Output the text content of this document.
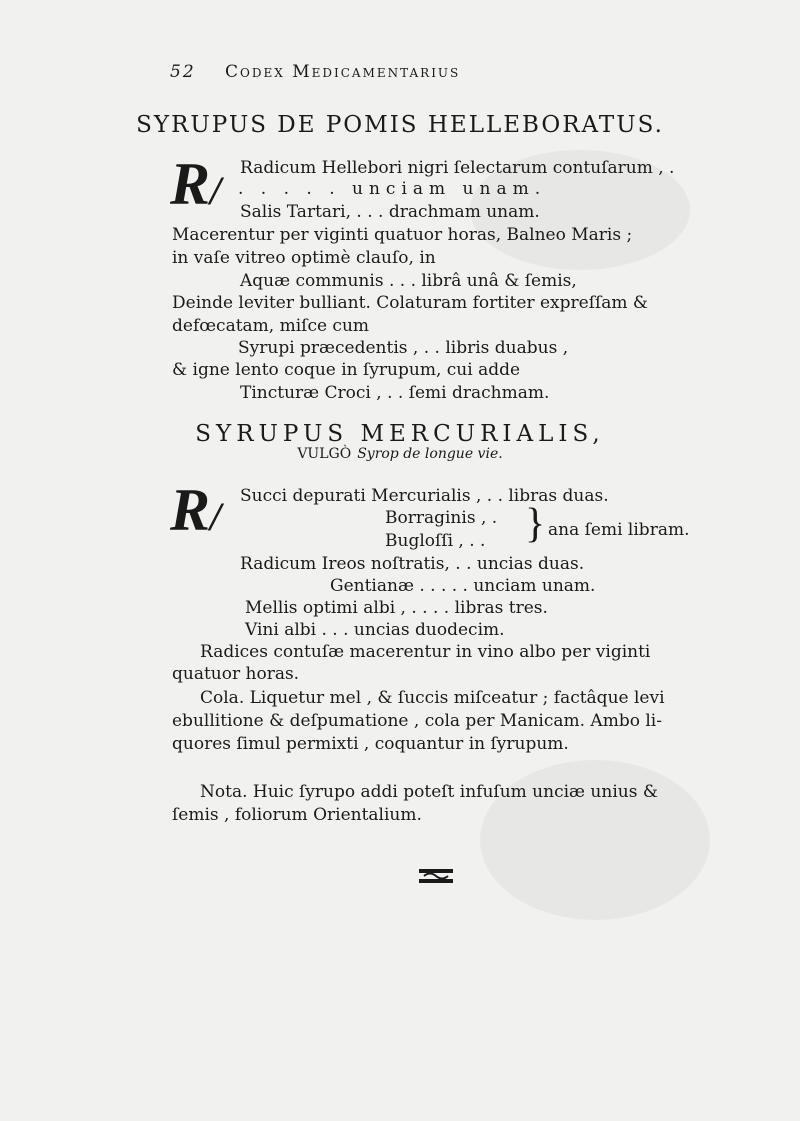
52 Codex Medicamentarius
SYRUPUS DE POMIS HELLEBORATUS.
R/ Radicum Hellebori nigri ſelectarum contuſarum , .
. . . . . unciam unam.
Salis Tartari, . . . drachmam unam.
Macerentur per viginti quatuor horas, Balneo Maris ;
in vaſe vitreo optimè clauſo, in
Aquæ communis . . . librâ unâ & ſemis,
Deinde leviter bulliant. Colaturam fortiter expreſſam &
defœcatam, miſce cum
Syrupi præcedentis , . . libris duabus ,
& igne lento coque in ſyrupum, cui adde
Tincturæ Croci , . . ſemi drachmam.
SYRUPUS MERCURIALIS,
VULGÒ Syrop de longue vie.
R/ Succi depurati Mercurialis , . . libras duas.
Borraginis , .
Bugloſſi , . . } ana ſemi libram.
Radicum Ireos noſtratis, . . uncias duas.
Gentianæ . . . . . unciam unam.
Mellis optimi albi , . . . . libras tres.
Vini albi . . . uncias duodecim.
Radices contuſæ macerentur in vino albo per viginti
quatuor horas.
Cola. Liquetur mel , & ſuccis miſceatur ; factâque levi
ebullitione & deſpumatione , cola per Manicam. Ambo li-
quores ſimul permixti , coquantur in ſyrupum.
Nota. Huic ſyrupo addi poteſt infuſum unciæ unius &
ſemis , foliorum Orientalium.
